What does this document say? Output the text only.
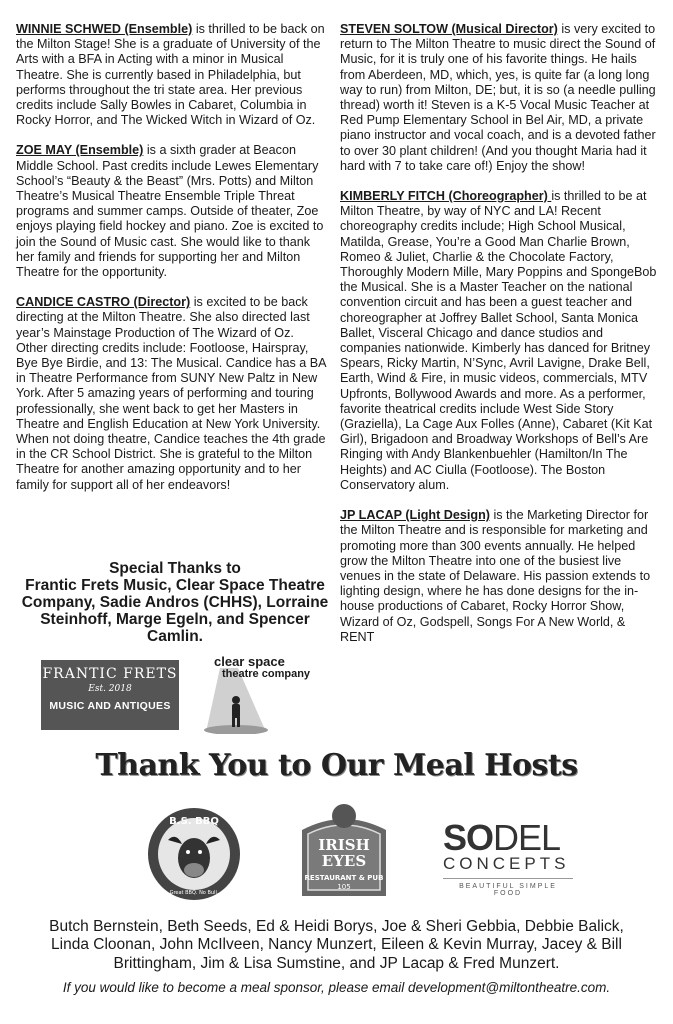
WINNIE SCHWED (Ensemble) is thrilled to be back on the Milton Stage! She is a graduate of University of the Arts with a BFA in Acting with a minor in Musical Theatre. She is currently based in Philadelphia, but performs throughout the tri state area. Her previous credits include Sally Bowles in Cabaret, Columbia in Rocky Horror, and The Wicked Witch in Wizard of Oz.

ZOE MAY (Ensemble) is a sixth grader at Beacon Middle School. Past credits include Lewes Elementary School’s “Beauty & the Beast” (Mrs. Potts) and Milton Theatre’s Musical Theatre Ensemble Triple Threat programs and summer camps. Outside of theater, Zoe enjoys playing field hockey and piano. Zoe is excited to join the Sound of Music cast. She would like to thank her family and friends for supporting her and Milton Theatre for the opportunity.

CANDICE CASTRO (Director) is excited to be back directing at the Milton Theatre. She also directed last year’s Mainstage Production of The Wizard of Oz. Other directing credits include: Footloose, Hairspray, Bye Bye Birdie, and 13: The Musical. Candice has a BA in Theatre Performance from SUNY New Paltz in New York. After 5 amazing years of performing and touring professionally, she went back to get her Masters in Theatre and English Education at New York University. When not doing theatre, Candice teaches the 4th grade in the CR School District. She is grateful to the Milton Theatre for another amazing opportunity and to her family for support all of her endeavors!

STEVEN SOLTOW (Musical Director) is very excited to return to The Milton Theatre to music direct the Sound of Music, for it is truly one of his favorite things. He hails from Aberdeen, MD, which, yes, is quite far (a long long way to run) from Milton, DE; but, it is so (a needle pulling thread) worth it! Steven is a K-5 Vocal Music Teacher at Red Pump Elementary School in Bel Air, MD, a private piano instructor and vocal coach, and is a devoted father to over 30 plant children! (And you thought Maria had it hard with 7 to take care of!) Enjoy the show!

KIMBERLY FITCH (Choreographer) is thrilled to be at Milton Theatre, by way of NYC and LA! Recent choreography credits include; High School Musical, Matilda, Grease, You’re a Good Man Charlie Brown, Romeo & Juliet, Charlie & the Chocolate Factory, Thoroughly Modern Mille, Mary Poppins and SpongeBob the Musical. She is a Master Teacher on the national convention circuit and has been a guest teacher and choreographer at Joffrey Ballet School, Santa Monica Ballet, Visceral Chicago and dance studios and companies nationwide. Kimberly has danced for Britney Spears, Ricky Martin, N’Sync, Avril Lavigne, Drake Bell, Earth, Wind & Fire, in music videos, commercials, MTV Upfronts, Bollywood Awards and more. As a performer, favorite theatrical credits include West Side Story (Graziella), La Cage Aux Folles (Anne), Cabaret (Kit Kat Girl), Brigadoon and Broadway Workshops of Bell’s Are Ringing with Andy Blankenbuehler (Hamilton/In The Heights) and AC Ciulla (Footloose). The Boston Conservatory alum.

JP LACAP (Light Design) is the Marketing Director for the Milton Theatre and is responsible for marketing and promoting more than 300 events annually. He helped grow the Milton Theatre into one of the busiest live venues in the state of Delaware. His passion extends to lighting design, where he has done designs for the in-house productions of Cabaret, Rocky Horror Show, Wizard of Oz, Godspell, Songs For A New World, & RENT

Special Thanks to
Frantic Frets Music, Clear Space Theatre Company, Sadie Andros (CHHS), Lorraine Steinhoff, Marge Egeln, and Spencer Camlin.
FRANTIC FRETS
Est. 2018
MUSIC AND ANTIQUES
clear space
theatre company
Thank You to Our Meal Hosts
B.S. BBQ
Great BBQ. No Bull.
IRISH
EYES
RESTAURANT & PUB
105
SODEL
CONCEPTS
BEAUTIFUL SIMPLE FOOD
Butch Bernstein, Beth Seeds, Ed & Heidi Borys, Joe & Sheri Gebbia, Debbie Balick, Linda Cloonan, John McIlveen, Nancy Munzert, Eileen & Kevin Murray, Jacey & Bill Brittingham, Jim & Lisa Sumstine, and JP Lacap & Fred Munzert.
If you would like to become a meal sponsor, please email development@miltontheatre.com.
